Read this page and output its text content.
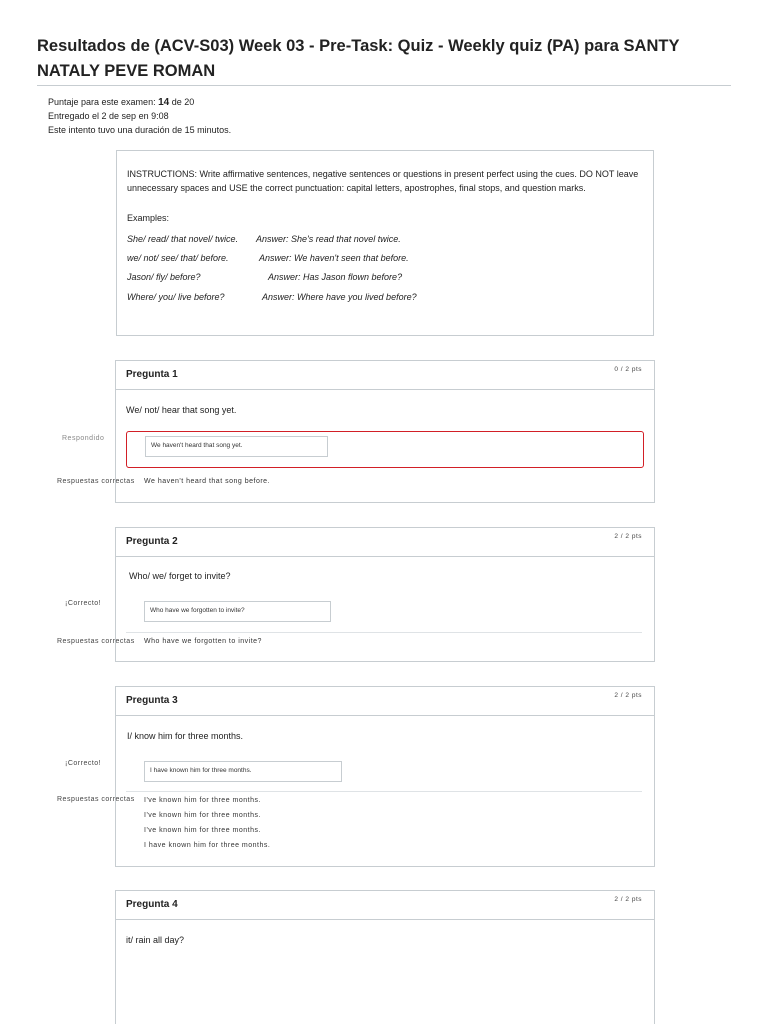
Resultados de (ACV-S03) Week 03 - Pre-Task: Quiz - Weekly quiz (PA) para SANTY
NATALY PEVE ROMAN
Puntaje para este examen: 14 de 20
Entregado el 2 de sep en 9:08
Este intento tuvo una duración de 15 minutos.
INSTRUCTIONS: Write affirmative sentences, negative sentences or questions in present perfect using the cues. DO NOT leave unnecessary spaces and USE the correct punctuation: capital letters, apostrophes, final stops, and question marks.
Examples:
She/ read/ that novel/ twice. Answer: She's read that novel twice.
we/ not/ see/ that/ before.	Answer: We haven't seen that before.
Jason/ fly/ before?	Answer: Has Jason flown before?
Where/ you/ live before?	Answer: Where have you lived before?
Pregunta 1	0 / 2 pts
We/ not/ hear that song yet.
We haven't heard that song yet.
Respondido
Respuestas correctas We haven't heard that song before.
Pregunta 2	2 / 2 pts
Who/ we/ forget to invite?
Who have we forgotten to invite?
¡Correcto!
Respuestas correctas Who have we forgotten to invite?
Pregunta 3	2 / 2 pts
I/ know him for three months.
I have known him for three months.
¡Correcto!
Respuestas correctas I've known him for three months.
I've known him for three months.
I've known him for three months.
I have known him for three months.
Pregunta 4	2 / 2 pts
it/ rain all day?
